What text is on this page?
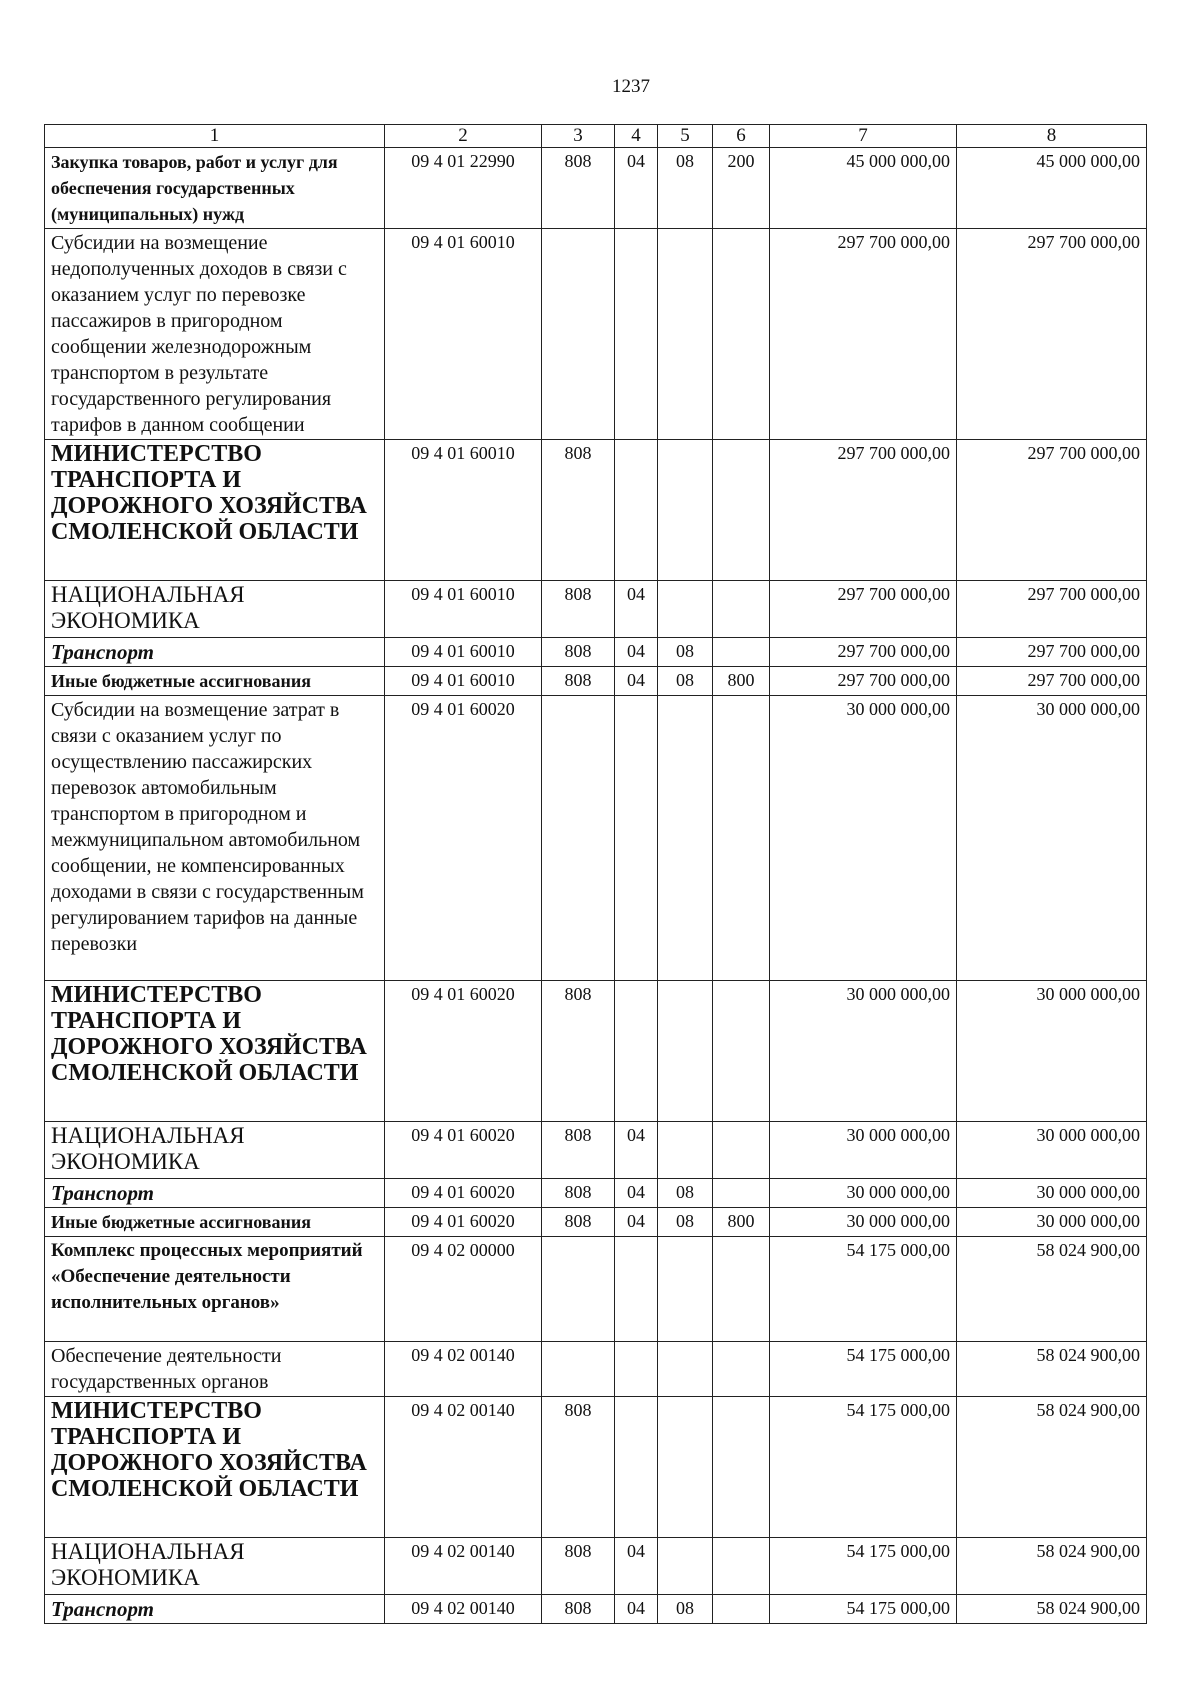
1237
1	2	3	4	5	6	7	8
Закупка товаров, работ и услуг для обеспечения государственных (муниципальных) нужд	09 4 01 22990	808	04	08	200	45 000 000,00	45 000 000,00
Субсидии на возмещение недополученных доходов в связи с оказанием услуг по перевозке пассажиров в пригородном сообщении железнодорожным транспортом в результате государственного регулирования тарифов в данном сообщении	09 4 01 60010					297 700 000,00	297 700 000,00
МИНИСТЕРСТВО ТРАНСПОРТА И ДОРОЖНОГО ХОЗЯЙСТВА СМОЛЕНСКОЙ ОБЛАСТИ	09 4 01 60010	808				297 700 000,00	297 700 000,00
НАЦИОНАЛЬНАЯ ЭКОНОМИКА	09 4 01 60010	808	04			297 700 000,00	297 700 000,00
Транспорт	09 4 01 60010	808	04	08		297 700 000,00	297 700 000,00
Иные бюджетные ассигнования	09 4 01 60010	808	04	08	800	297 700 000,00	297 700 000,00
Субсидии на возмещение затрат в связи с оказанием услуг по осуществлению пассажирских перевозок автомобильным транспортом в пригородном и межмуниципальном автомобильном сообщении, не компенсированных доходами в связи с государственным регулированием тарифов на данные перевозки	09 4 01 60020					30 000 000,00	30 000 000,00
МИНИСТЕРСТВО ТРАНСПОРТА И ДОРОЖНОГО ХОЗЯЙСТВА СМОЛЕНСКОЙ ОБЛАСТИ	09 4 01 60020	808				30 000 000,00	30 000 000,00
НАЦИОНАЛЬНАЯ ЭКОНОМИКА	09 4 01 60020	808	04			30 000 000,00	30 000 000,00
Транспорт	09 4 01 60020	808	04	08		30 000 000,00	30 000 000,00
Иные бюджетные ассигнования	09 4 01 60020	808	04	08	800	30 000 000,00	30 000 000,00
Комплекс процессных мероприятий «Обеспечение деятельности исполнительных органов»	09 4 02 00000					54 175 000,00	58 024 900,00
Обеспечение деятельности государственных органов	09 4 02 00140					54 175 000,00	58 024 900,00
МИНИСТЕРСТВО ТРАНСПОРТА И ДОРОЖНОГО ХОЗЯЙСТВА СМОЛЕНСКОЙ ОБЛАСТИ	09 4 02 00140	808				54 175 000,00	58 024 900,00
НАЦИОНАЛЬНАЯ ЭКОНОМИКА	09 4 02 00140	808	04			54 175 000,00	58 024 900,00
Транспорт	09 4 02 00140	808	04	08		54 175 000,00	58 024 900,00
